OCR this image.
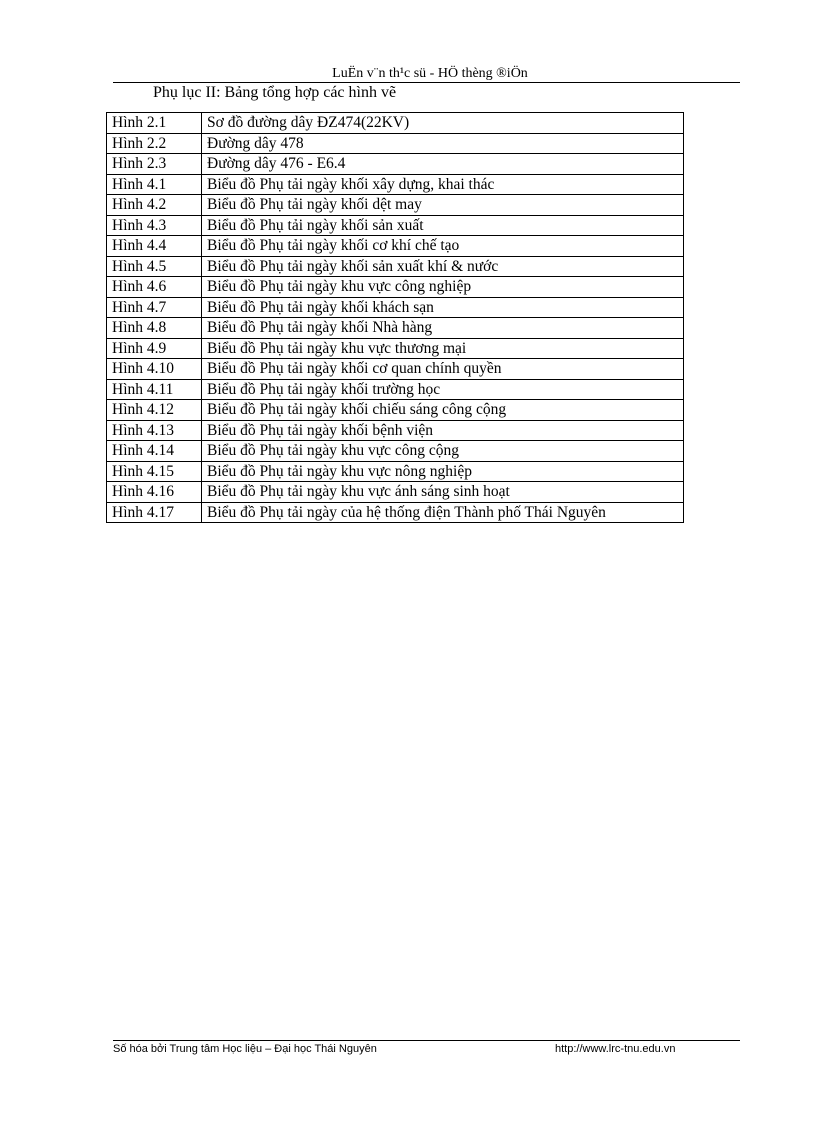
LuËn v¨n th¹c sü - HÖ thèng ®iÖn
Phụ lục II: Bảng tổng hợp các hình vẽ
Hình 2.1	Sơ đồ đường dây ĐZ474(22KV)
Hình 2.2	Đường dây 478
Hình 2.3	Đường dây 476 - E6.4
Hình 4.1	Biểu đồ Phụ tải ngày khối xây dựng, khai thác
Hình 4.2	Biểu đồ Phụ tải ngày khối dệt may
Hình 4.3	Biểu đồ Phụ tải ngày khối sản xuất
Hình 4.4	Biểu đồ Phụ tải ngày khối cơ khí chế tạo
Hình 4.5	Biểu đồ Phụ tải ngày khối sản xuất khí & nước
Hình 4.6	Biểu đồ Phụ tải ngày khu vực công nghiệp
Hình 4.7	Biểu đồ Phụ tải ngày khối khách sạn
Hình 4.8	Biểu đồ Phụ tải ngày khối Nhà hàng
Hình 4.9	Biểu đồ Phụ tải ngày khu vực thương mại
Hình 4.10	Biểu đồ Phụ tải ngày khối cơ quan chính quyền
Hình 4.11	Biểu đồ Phụ tải ngày khối trường học
Hình 4.12	Biểu đồ Phụ tải ngày khối chiếu sáng công cộng
Hình 4.13	Biểu đồ Phụ tải ngày khối bệnh viện
Hình 4.14	Biểu đồ Phụ tải ngày khu vực công cộng
Hình 4.15	Biểu đồ Phụ tải ngày khu vực nông nghiệp
Hình 4.16	Biểu đồ Phụ tải ngày khu vực ánh sáng sinh hoạt
Hình 4.17	Biểu đồ Phụ tải ngày của hệ thống điện Thành phố Thái Nguyên
Số hóa bởi Trung tâm Học liệu – Đại học Thái Nguyên	http://www.lrc-tnu.edu.vn
